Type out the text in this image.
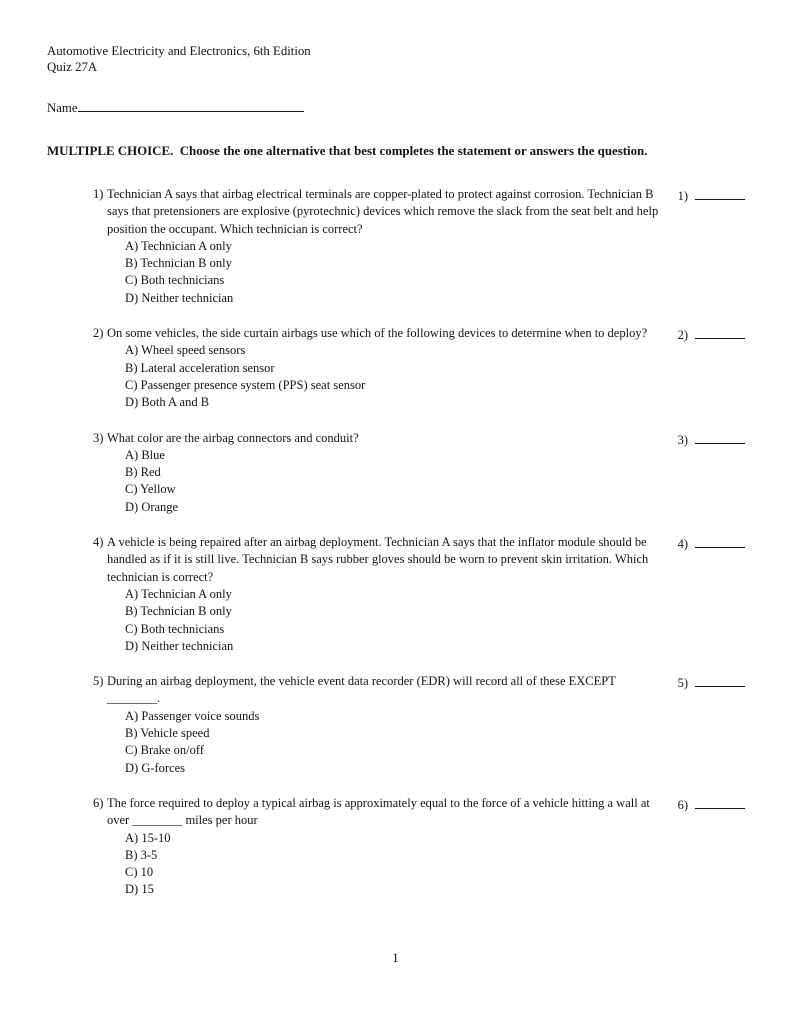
Automotive Electricity and Electronics, 6th Edition
Quiz 27A
Name
MULTIPLE CHOICE.  Choose the one alternative that best completes the statement or answers the question.
1) Technician A says that airbag electrical terminals are copper-plated to protect against corrosion. Technician B says that pretensioners are explosive (pyrotechnic) devices which remove the slack from the seat belt and help position the occupant. Which technician is correct?
A) Technician A only
B) Technician B only
C) Both technicians
D) Neither technician
1)
2) On some vehicles, the side curtain airbags use which of the following devices to determine when to deploy?
A) Wheel speed sensors
B) Lateral acceleration sensor
C) Passenger presence system (PPS) seat sensor
D) Both A and B
2)
3) What color are the airbag connectors and conduit?
A) Blue
B) Red
C) Yellow
D) Orange
3)
4) A vehicle is being repaired after an airbag deployment. Technician A says that the inflator module should be handled as if it is still live. Technician B says rubber gloves should be worn to prevent skin irritation. Which technician is correct?
A) Technician A only
B) Technician B only
C) Both technicians
D) Neither technician
4)
5) During an airbag deployment, the vehicle event data recorder (EDR) will record all of these EXCEPT ________.
A) Passenger voice sounds
B) Vehicle speed
C) Brake on/off
D) G-forces
5)
6) The force required to deploy a typical airbag is approximately equal to the force of a vehicle hitting a wall at over ________ miles per hour
A) 15-10
B) 3-5
C) 10
D) 15
6)
1
